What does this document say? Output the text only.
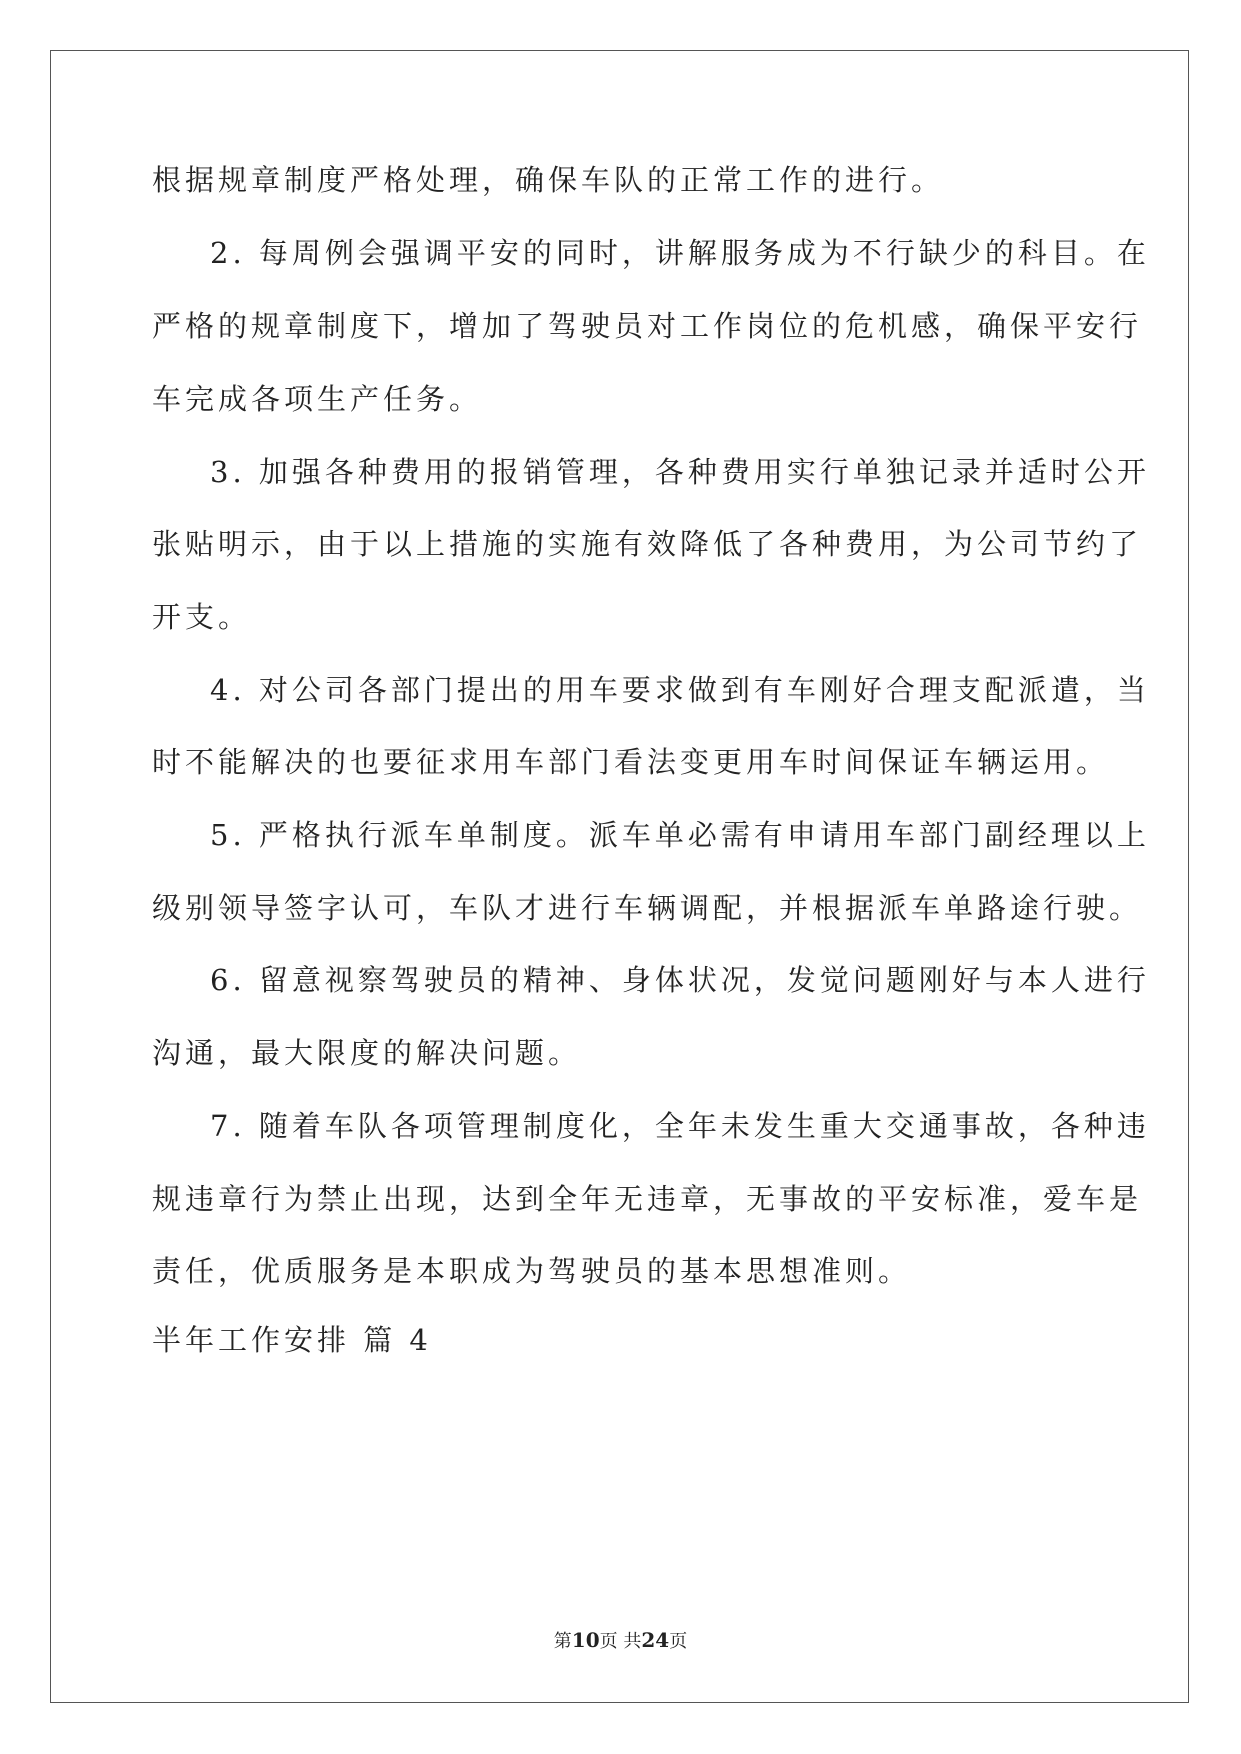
根据规章制度严格处理，确保车队的正常工作的进行。
2. 每周例会强调平安的同时，讲解服务成为不行缺少的科目。在
严格的规章制度下，增加了驾驶员对工作岗位的危机感，确保平安行
车完成各项生产任务。
3. 加强各种费用的报销管理，各种费用实行单独记录并适时公开
张贴明示，由于以上措施的实施有效降低了各种费用，为公司节约了
开支。
4. 对公司各部门提出的用车要求做到有车刚好合理支配派遣，当
时不能解决的也要征求用车部门看法变更用车时间保证车辆运用。
5. 严格执行派车单制度。派车单必需有申请用车部门副经理以上
级别领导签字认可，车队才进行车辆调配，并根据派车单路途行驶。
6. 留意视察驾驶员的精神、身体状况，发觉问题刚好与本人进行
沟通，最大限度的解决问题。
7. 随着车队各项管理制度化，全年未发生重大交通事故，各种违
规违章行为禁止出现，达到全年无违章，无事故的平安标准，爱车是
责任，优质服务是本职成为驾驶员的基本思想准则。
半年工作安排 篇 4
第10页 共24页
